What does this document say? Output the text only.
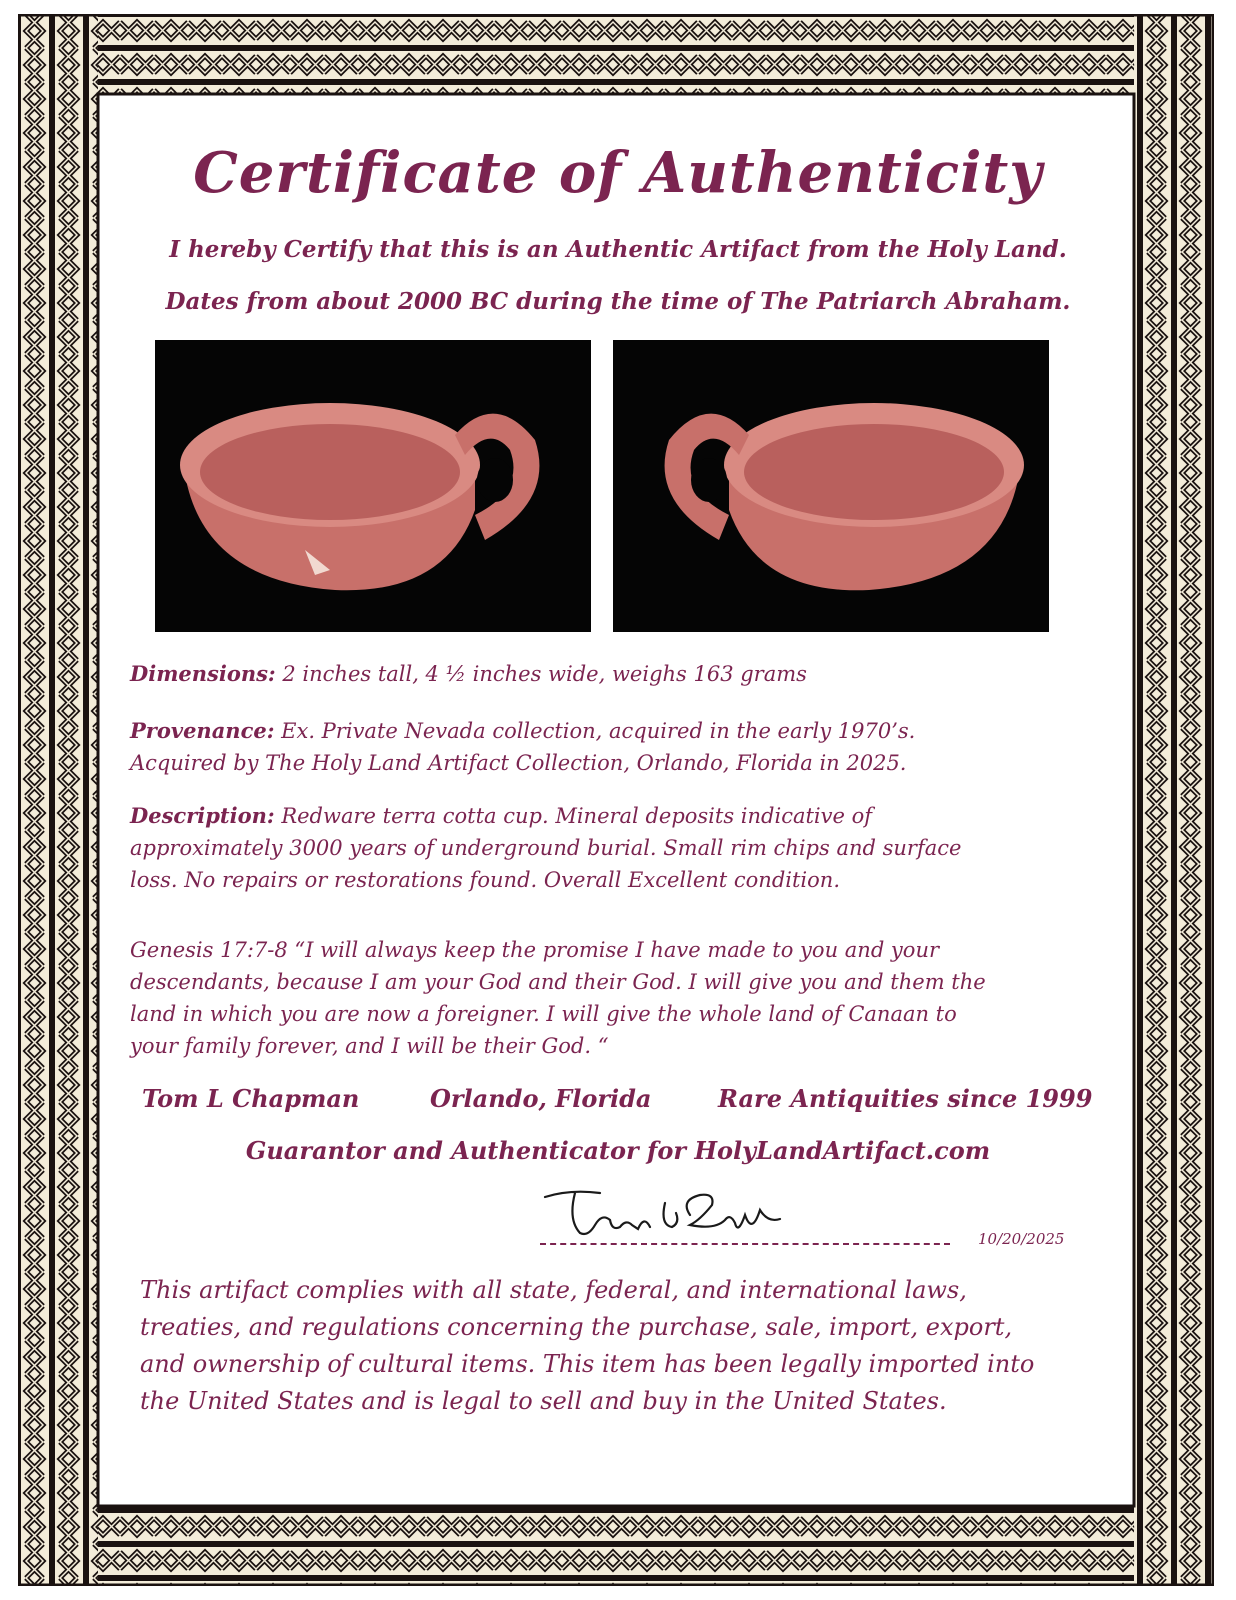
Certificate of Authenticity
I hereby Certify that this is an Authentic Artifact from the Holy Land.
Dates from about 2000 BC during the time of The Patriarch Abraham.
Dimensions: 2 inches tall, 4 ½ inches wide, weighs 163 grams
Provenance: Ex. Private Nevada collection, acquired in the early 1970’s.
Acquired by The Holy Land Artifact Collection, Orlando, Florida in 2025.
Description: Redware terra cotta cup. Mineral deposits indicative of
approximately 3000 years of underground burial. Small rim chips and surface
loss. No repairs or restorations found. Overall Excellent condition.
Genesis 17:7-8 “I will always keep the promise I have made to you and your
descendants, because I am your God and their God. I will give you and them the
land in which you are now a foreigner. I will give the whole land of Canaan to
your family forever, and I will be their God. “
Tom L Chapman	Orlando, Florida	Rare Antiquities since 1999
Guarantor and Authenticator for HolyLandArtifact.com
10/20/2025
This artifact complies with all state, federal, and international laws,
treaties, and regulations concerning the purchase, sale, import, export,
and ownership of cultural items. This item has been legally imported into
the United States and is legal to sell and buy in the United States.
